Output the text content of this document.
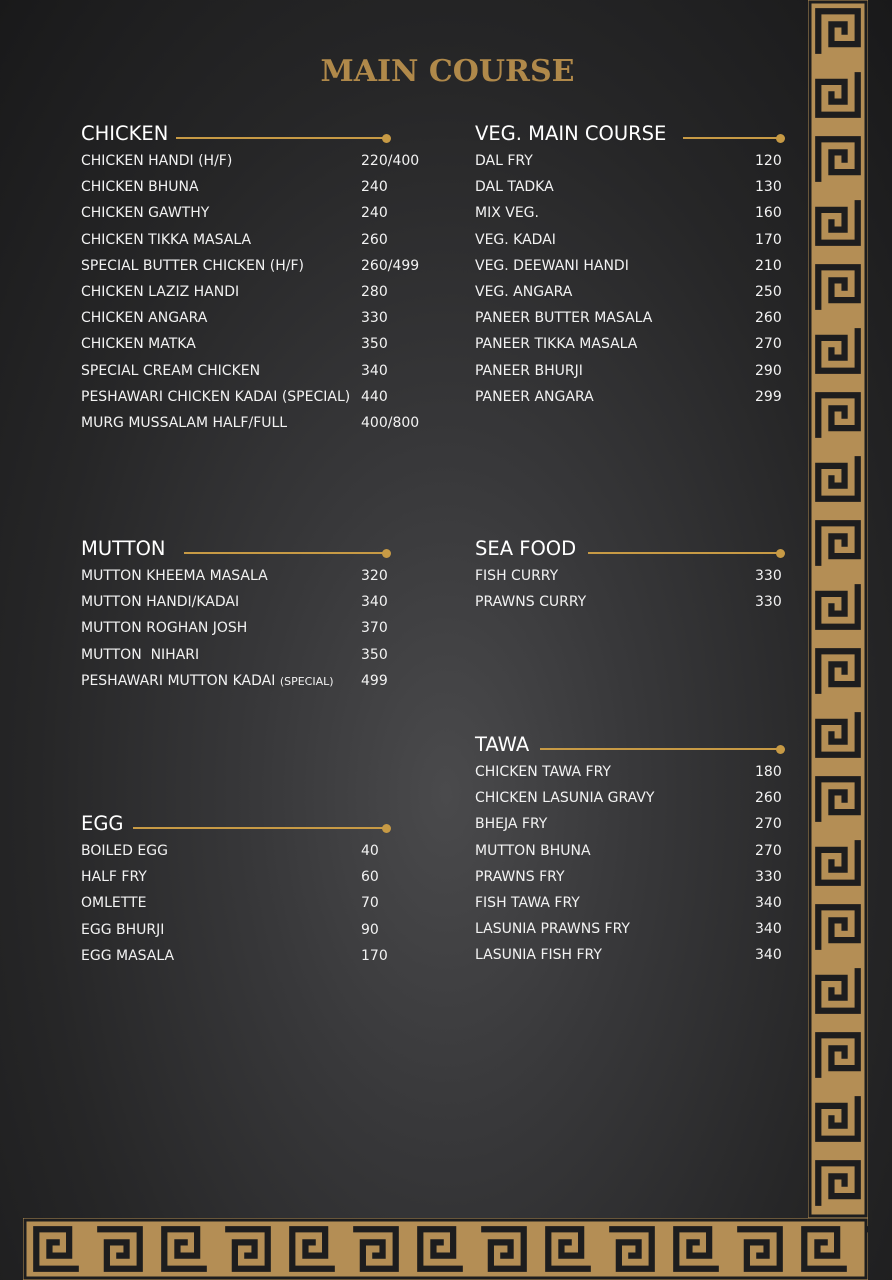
MAIN COURSE
CHICKEN
CHICKEN HANDI (H/F)	220/400
CHICKEN BHUNA	240
CHICKEN GAWTHY	240
CHICKEN TIKKA MASALA	260
SPECIAL BUTTER CHICKEN (H/F)	260/499
CHICKEN LAZIZ HANDI	280
CHICKEN ANGARA	330
CHICKEN MATKA	350
SPECIAL CREAM CHICKEN	340
PESHAWARI CHICKEN KADAI (SPECIAL) 440
MURG MUSSALAM HALF/FULL	400/800
VEG. MAIN COURSE
DAL FRY	120
DAL TADKA	130
MIX VEG.	160
VEG. KADAI	170
VEG. DEEWANI HANDI	210
VEG. ANGARA	250
PANEER BUTTER MASALA	260
PANEER TIKKA MASALA	270
PANEER BHURJI	290
PANEER ANGARA	299
MUTTON
MUTTON KHEEMA MASALA	320
MUTTON HANDI/KADAI	340
MUTTON ROGHAN JOSH	370
MUTTON  NIHARI	350
PESHAWARI MUTTON KADAI (SPECIAL) 499
SEA FOOD
FISH CURRY	330
PRAWNS CURRY	330
TAWA
CHICKEN TAWA FRY	180
CHICKEN LASUNIA GRAVY	260
BHEJA FRY	270
MUTTON BHUNA	270
PRAWNS FRY	330
FISH TAWA FRY	340
LASUNIA PRAWNS FRY	340
LASUNIA FISH FRY	340
EGG
BOILED EGG	40
HALF FRY	60
OMLETTE	70
EGG BHURJI	90
EGG MASALA	170
